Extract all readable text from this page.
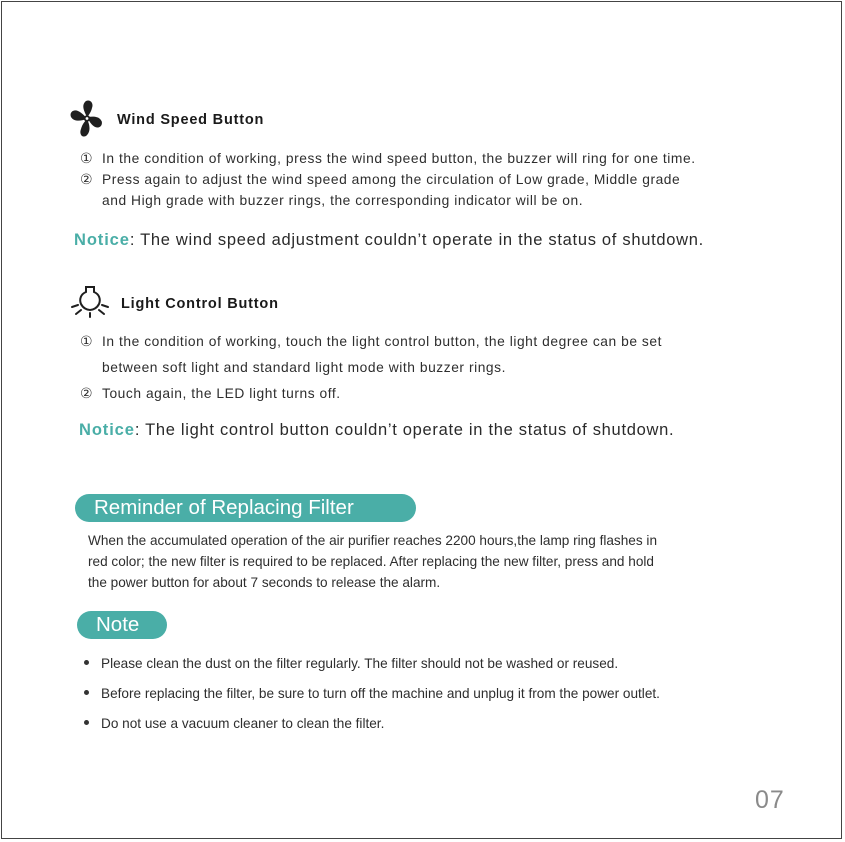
Wind Speed Button
① In the condition of working, press the wind speed button, the buzzer will ring for one time.
② Press again to adjust the wind speed among the circulation of Low grade, Middle grade
and High grade with buzzer rings, the corresponding indicator will be on.
Notice: The wind speed adjustment couldn’t operate in the status of shutdown.
Light Control Button
① In the condition of working, touch the light control button, the light degree can be set
between soft light and standard light mode with buzzer rings.
② Touch again, the LED light turns off.
Notice: The light control button couldn’t operate in the status of shutdown.
Reminder of Replacing Filter
When the accumulated operation of the air purifier reaches 2200 hours,the lamp ring flashes in
red color; the new filter is required to be replaced. After replacing the new filter, press and hold
the power button for about 7 seconds to release the alarm.
Note
Please clean the dust on the filter regularly. The filter should not be washed or reused.
Before replacing the filter, be sure to turn off the machine and unplug it from the power outlet.
Do not use a vacuum cleaner to clean the filter.
07
